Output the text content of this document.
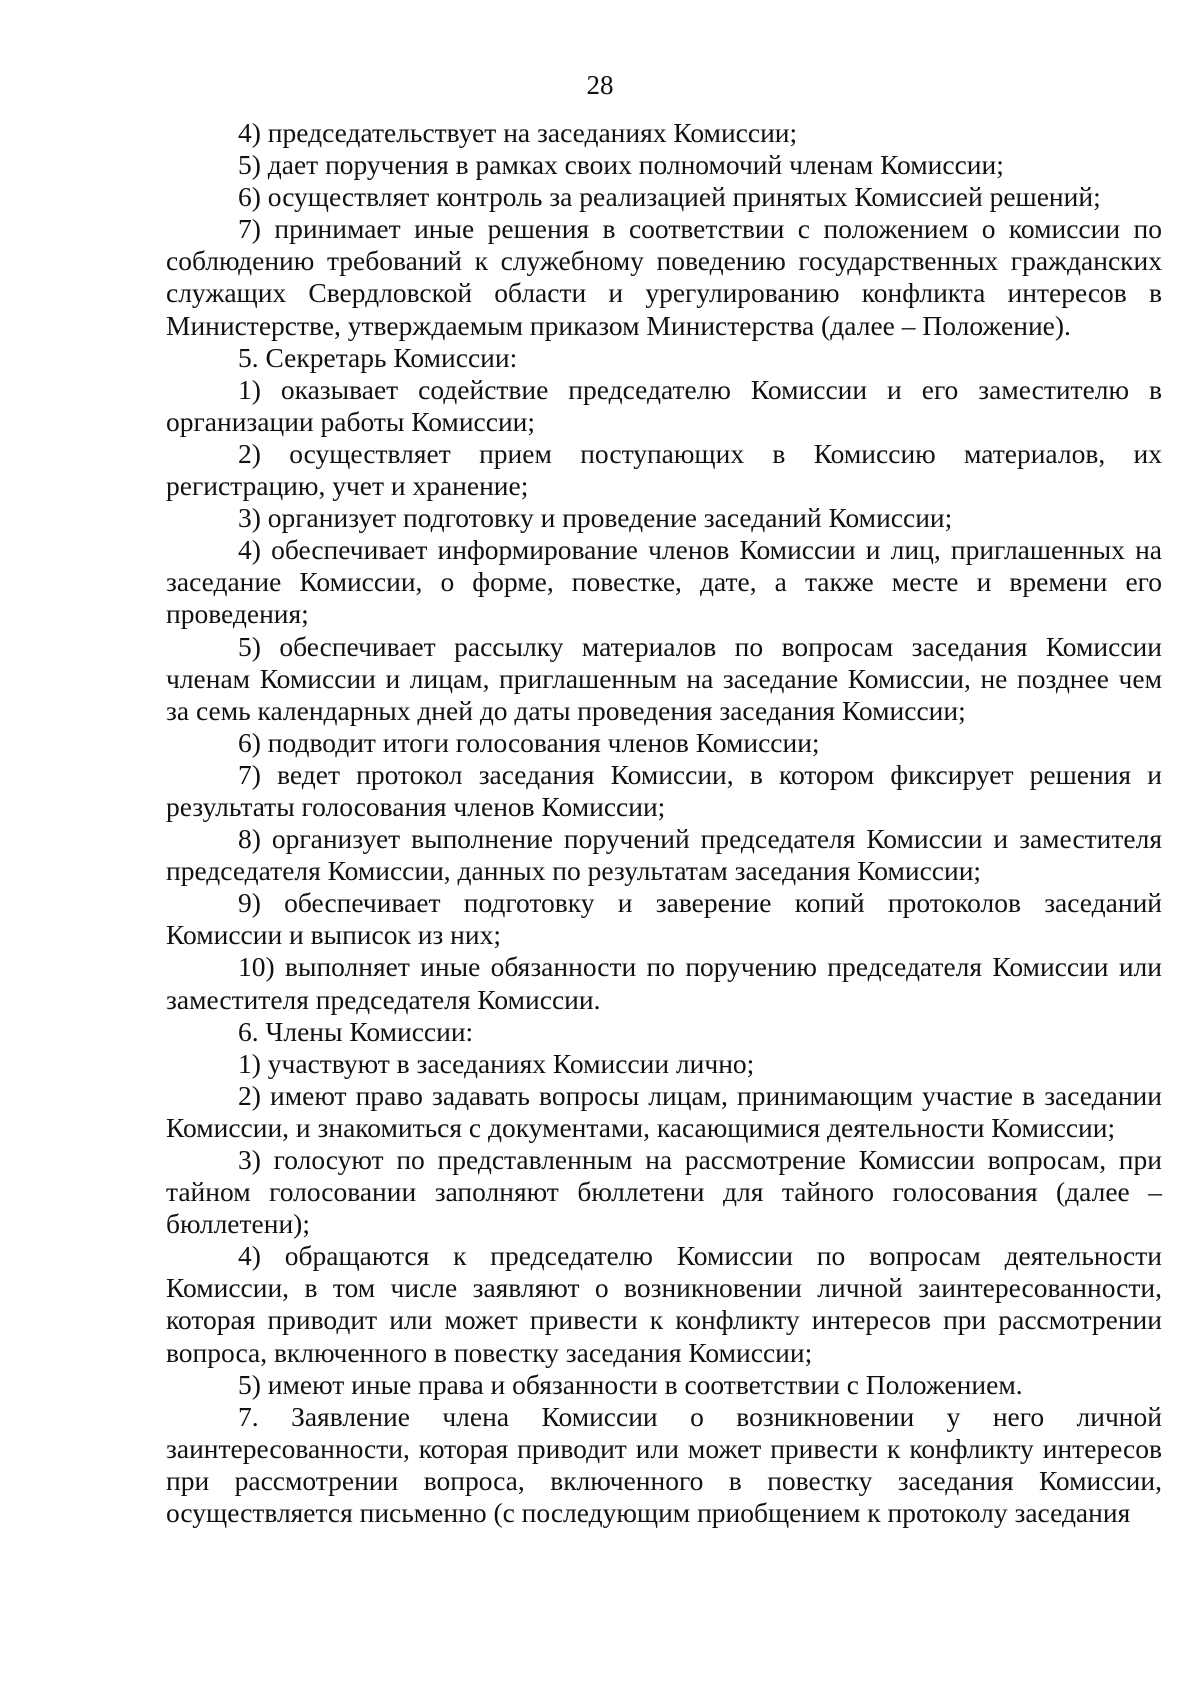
28

4) председательствует на заседаниях Комиссии;

5) дает поручения в рамках своих полномочий членам Комиссии;

6) осуществляет контроль за реализацией принятых Комиссией решений;

7) принимает иные решения в соответствии с положением о комиссии по соблюдению требований к служебному поведению государственных гражданских служащих Свердловской области и урегулированию конфликта интересов в Министерстве, утверждаемым приказом Министерства (далее – Положение).

5. Секретарь Комиссии:

1) оказывает содействие председателю Комиссии и его заместителю в организации работы Комиссии;

2) осуществляет прием поступающих в Комиссию материалов, их регистрацию, учет и хранение;

3) организует подготовку и проведение заседаний Комиссии;

4) обеспечивает информирование членов Комиссии и лиц, приглашенных на заседание Комиссии, о форме, повестке, дате, а также месте и времени его проведения;

5) обеспечивает рассылку материалов по вопросам заседания Комиссии членам Комиссии и лицам, приглашенным на заседание Комиссии, не позднее чем за семь календарных дней до даты проведения заседания Комиссии;

6) подводит итоги голосования членов Комиссии;

7) ведет протокол заседания Комиссии, в котором фиксирует решения и результаты голосования членов Комиссии;

8) организует выполнение поручений председателя Комиссии и заместителя председателя Комиссии, данных по результатам заседания Комиссии;

9) обеспечивает подготовку и заверение копий протоколов заседаний Комиссии и выписок из них;

10) выполняет иные обязанности по поручению председателя Комиссии или заместителя председателя Комиссии.

6. Члены Комиссии:

1) участвуют в заседаниях Комиссии лично;

2) имеют право задавать вопросы лицам, принимающим участие в заседании Комиссии, и знакомиться с документами, касающимися деятельности Комиссии;

3) голосуют по представленным на рассмотрение Комиссии вопросам, при тайном голосовании заполняют бюллетени для тайного голосования (далее – бюллетени);

4) обращаются к председателю Комиссии по вопросам деятельности Комиссии, в том числе заявляют о возникновении личной заинтересованности, которая приводит или может привести к конфликту интересов при рассмотрении вопроса, включенного в повестку заседания Комиссии;

5) имеют иные права и обязанности в соответствии с Положением.

7. Заявление члена Комиссии о возникновении у него личной заинтересованности, которая приводит или может привести к конфликту интересов при рассмотрении вопроса, включенного в повестку заседания Комиссии, осуществляется письменно (с последующим приобщением к протоколу заседания
